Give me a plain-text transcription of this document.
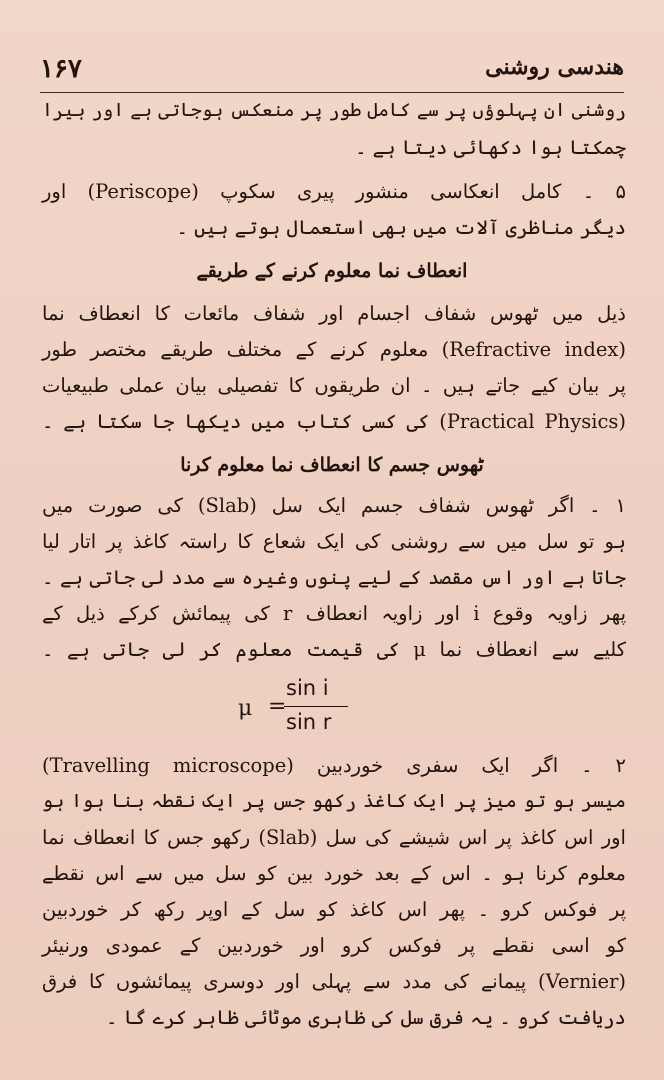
۱۶۷	ھندسی روشنی
روشنی ان پہلوؤں پر سے کامل طور پر منعکس ہوجاتی ہے اور ہیرا
چمکتا ہوا دکھائی دیتا ہے ۔
۵ ۔ کامل انعکاسی منشور پیری سکوپ (Periscope) اور
دیگر مناظری آلات میں بھی استعمال ہوتے ہیں ۔
انعطاف نما معلوم کرنے کے طریقے
ذیل میں ٹھوس شفاف اجسام اور شفاف مائعات کا انعطاف نما
(Refractive index) معلوم کرنے کے مختلف طریقے مختصر طور
پر بیان کیے جاتے ہیں ۔ ان طریقوں کا تفصیلی بیان عملی طبیعیات
(Practical Physics) کی کسی کتاب میں دیکھا جا سکتا ہے ۔
ٹھوس جسم کا انعطاف نما معلوم کرنا
۱ ۔ اگر ٹھوس شفاف جسم ایک سل (Slab) کی صورت میں
ہو تو سل میں سے روشنی کی ایک شعاع کا راستہ کاغذ پر اتار لیا
جاتا ہے اور اس مقصد کے لیے پنوں وغیرہ سے مدد لی جاتی ہے ۔
پھر زاویہ وقوع i اور زاویہ انعطاف r کی پیمائش کرکے ذیل کے
کلیے سے انعطاف نما μ کی قیمت معلوم کر لی جاتی ہے ۔
μ =
sin i
sin r
۲ ۔ اگر ایک سفری خوردبین (Travelling microscope)
میسر ہو تو میز پر ایک کاغذ رکھو جس پر ایک نقطہ بنا ہوا ہو
اور اس کاغذ پر اس شیشے کی سل (Slab) رکھو جس کا انعطاف نما
معلوم کرنا ہو ۔ اس کے بعد خورد بین کو سل میں سے اس نقطے
پر فوکس کرو ۔ پھر اس کاغذ کو سل کے اوپر رکھ کر خوردبین
کو اسی نقطے پر فوکس کرو اور خوردبین کے عمودی ورنیئر
(Vernier) پیمانے کی مدد سے پہلی اور دوسری پیمائشوں کا فرق
دریافت کرو ۔ یہ فرق سل کی ظاہری موٹائی ظاہر کرے گا ۔
